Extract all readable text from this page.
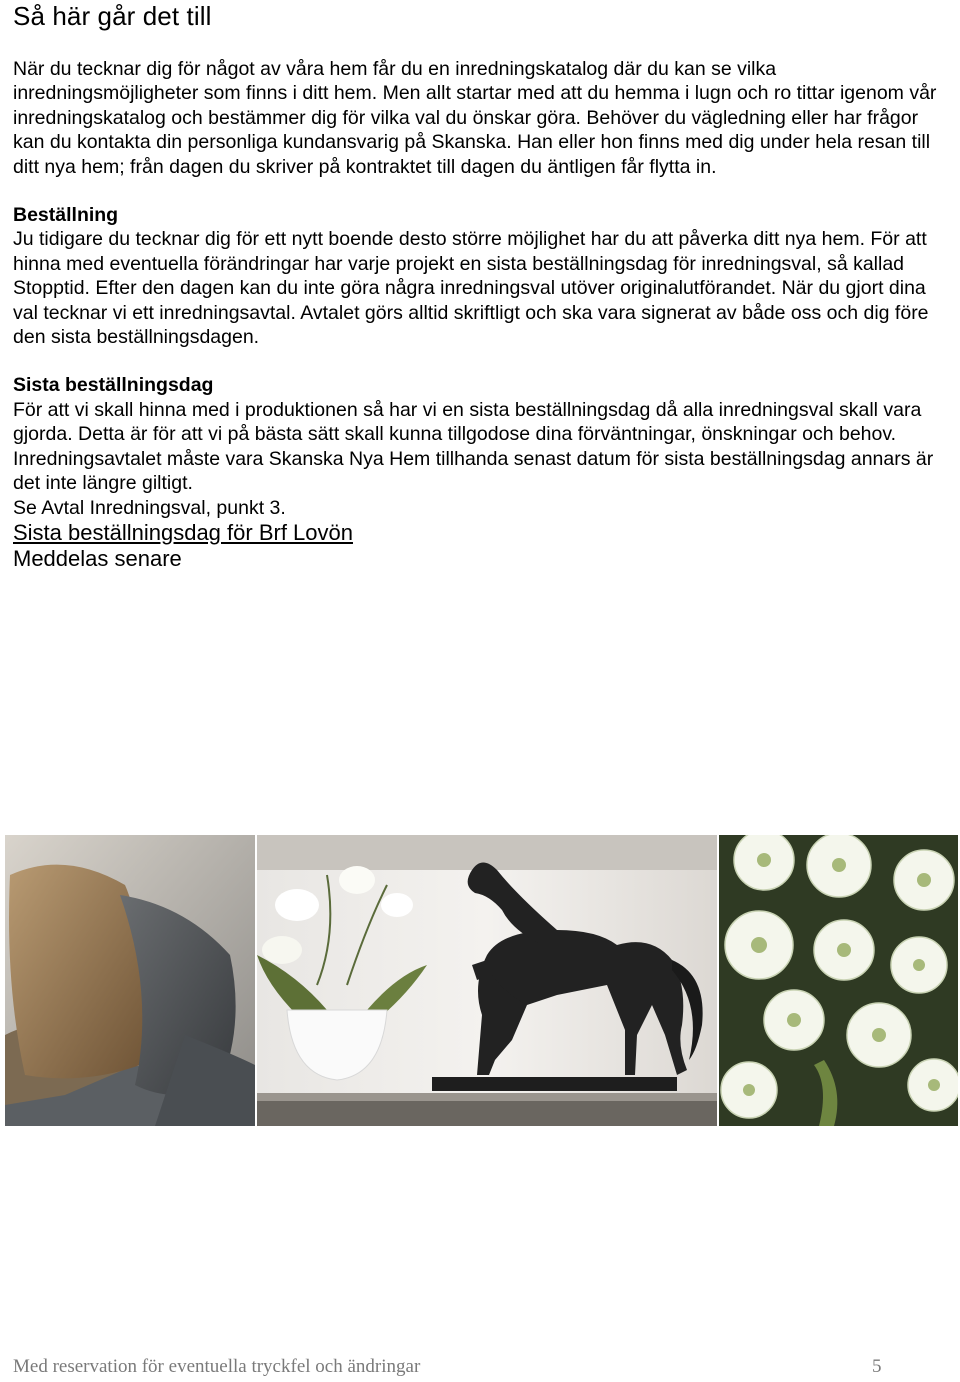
Så här går det till

När du tecknar dig för något av våra hem får du en inredningskatalog där du kan se vilka inredningsmöjligheter som finns i ditt hem. Men allt startar med att du hemma i lugn och ro tittar igenom vår inredningskatalog och bestämmer dig för vilka val du önskar göra. Behöver du vägledning eller har frågor kan du kontakta din personliga kundansvarig på Skanska. Han eller hon finns med dig under hela resan till ditt nya hem; från dagen du skriver på kontraktet till dagen du äntligen får flytta in.

Beställning

Ju tidigare du tecknar dig för ett nytt boende desto större möjlighet har du att påverka ditt nya hem. För att hinna med eventuella förändringar har varje projekt en sista beställningsdag för inredningsval, så kallad Stopptid. Efter den dagen kan du inte göra några inredningsval utöver originalutförandet. När du gjort dina val tecknar vi ett inredningsavtal. Avtalet görs alltid skriftligt och ska vara signerat av både oss och dig före den sista beställningsdagen.

Sista beställningsdag

För att vi skall hinna med i produktionen så har vi en sista beställningsdag då alla inredningsval skall vara gjorda. Detta är för att vi på bästa sätt skall kunna tillgodose dina förväntningar, önskningar och behov.

Inredningsavtalet måste vara Skanska Nya Hem tillhanda senast datum för sista beställningsdag annars är det inte längre giltigt.

Se Avtal Inredningsval, punkt 3.

Sista beställningsdag för Brf Lovön

Meddelas senare

Med reservation för eventuella tryckfel och ändringar	5
